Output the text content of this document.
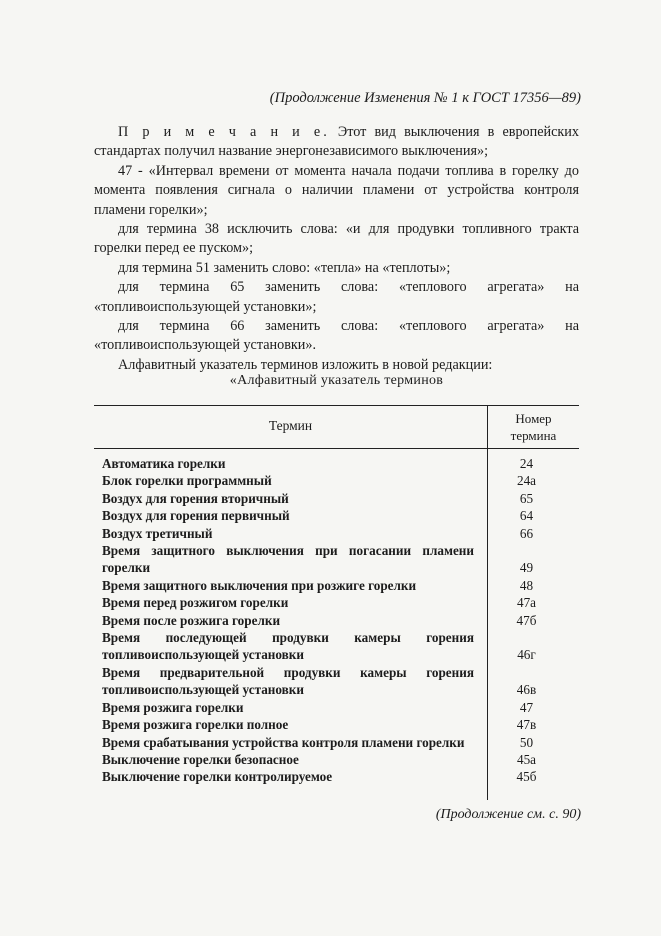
(Продолжение Изменения № 1 к ГОСТ 17356—89)

П р и м е ч а н и е. Этот вид выключения в европейских стандартах получил название энергонезависимого выключения»;

47 - «Интервал времени от момента начала подачи топлива в горелку до момента появления сигнала о наличии пламени от устройства контроля пламени горелки»;

для термина 38 исключить слова: «и для продувки топливного тракта горелки перед ее пуском»;

для термина 51 заменить слово: «тепла» на «теплоты»;

для термина 65 заменить слова: «теплового агрегата» на «топливоиспользующей установки»;

для термина 66 заменить слова: «теплового агрегата» на «топливоиспользующей установки».

Алфавитный указатель терминов изложить в новой редакции:

«Алфавитный указатель терминов
Термин	Номер
термина
Автоматика горелки	24
Блок горелки программный	24а
Воздух для горения вторичный	65
Воздух для горения первичный	64
Воздух третичный	66
Время защитного выключения при погасании пламени горелки	49
Время защитного выключения при розжиге горелки	48
Время перед розжигом горелки	47а
Время после розжига горелки	47б
Время последующей продувки камеры горения топливоиспользующей установки	46г
Время предварительной продувки камеры горения топливоиспользующей установки	46в
Время розжига горелки	47
Время розжига горелки полное	47в
Время срабатывания устройства контроля пламени горелки	50
Выключение горелки безопасное	45а
Выключение горелки контролируемое	45б
(Продолжение см. с. 90)
